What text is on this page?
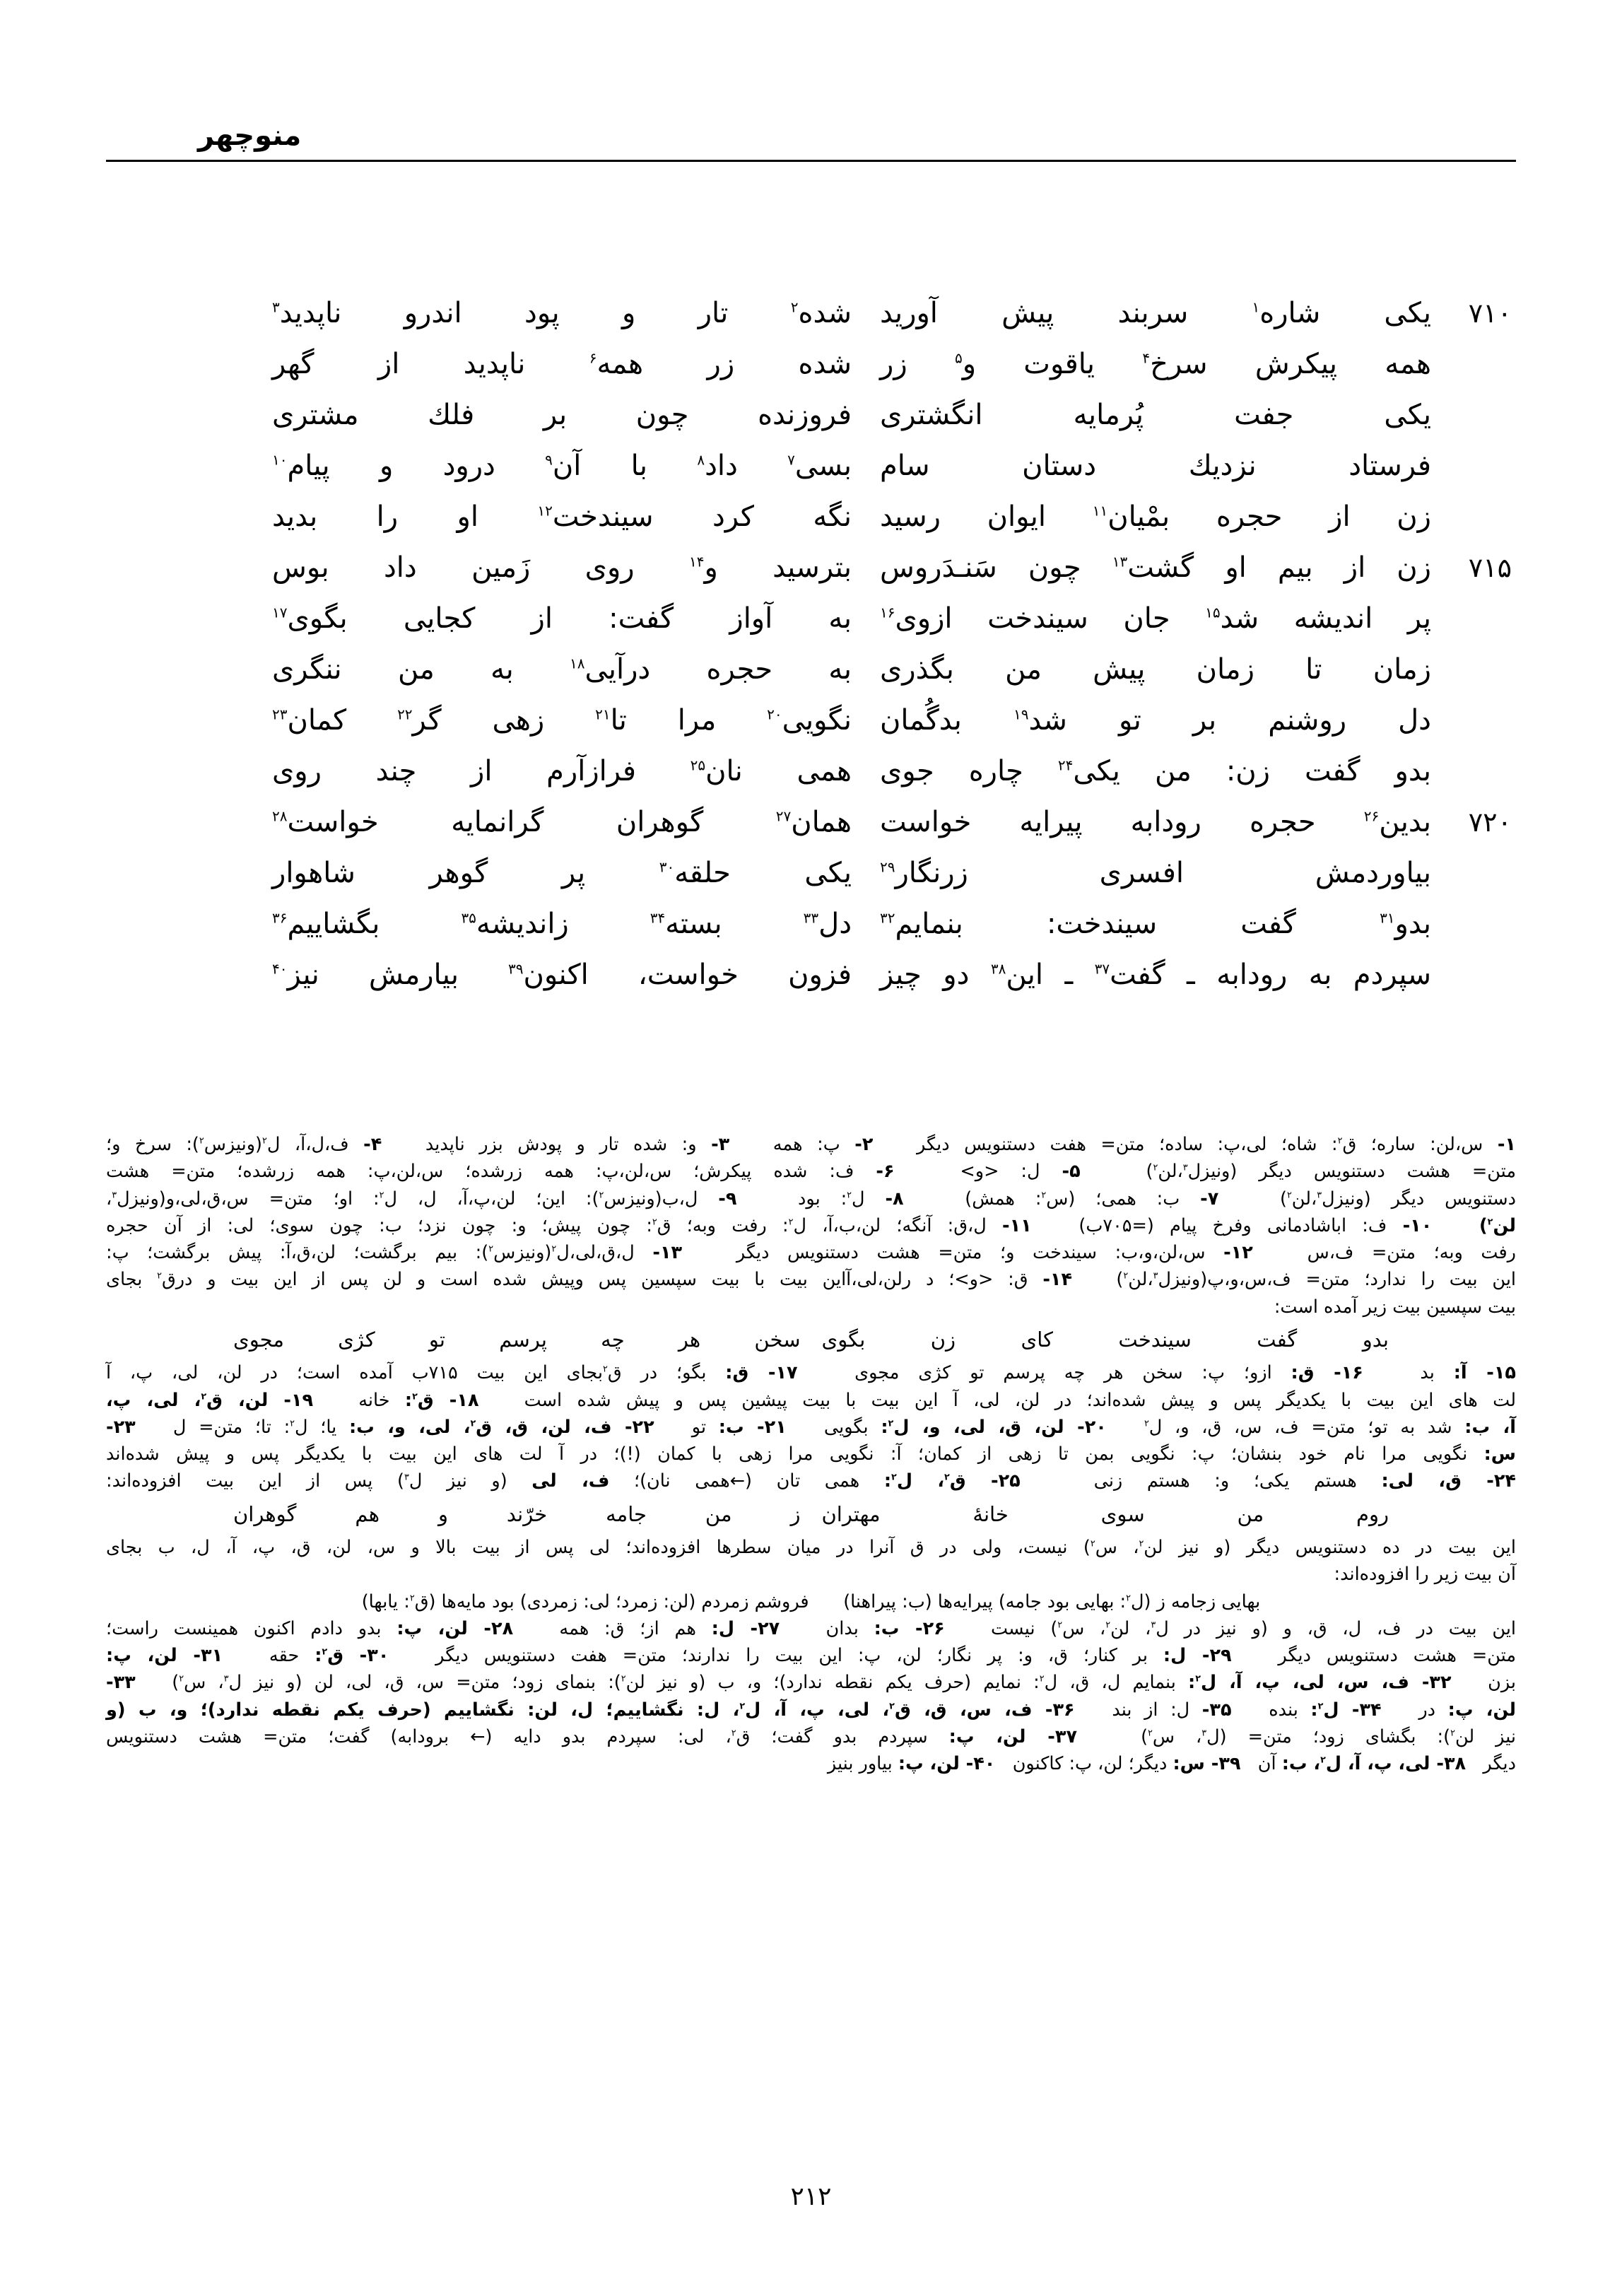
منوچهر
۷۱۰
یکی شاره$^۱$ سربند پیش آورید
شده$^۲$ تار و پود اندرو ناپدید$^۳$
همه پیکرش سرخ$^۴$ یاقوت و$^۵$ زر
شده زر همه$^۶$ ناپدید از گهر
یکی جفت پُرمایه انگشتری
فروزنده چون بر فلك مشتری
فرستاد نزدیك دستان سام
بسی$^۷$ داد$^۸$ با آن$^۹$ درود و پیام$^{۱۰}$
زن از حجره بمْیان$^{۱۱}$ ایوان رسید
نگه کرد سیندخت$^{۱۲}$ او را بدید
۷۱۵
زن از بیم او گشت$^{۱۳}$ چون سَنـدَروس
بترسید و$^{۱۴}$ روی زَمین داد بوس
پر اندیشه شد$^{۱۵}$ جان سیندخت ازوی$^{۱۶}$
به آواز گفت: از کجایی بگوی$^{۱۷}$
زمان تا زمان پیش من بگذری
به حجره درآیی$^{۱۸}$ به من ننگری
دل روشنم بر تو شد$^{۱۹}$ بدگُمان
نگویی$^{۲۰}$ مرا تا$^{۲۱}$ زهی گر$^{۲۲}$ کمان$^{۲۳}$
بدو گفت زن: من یکی$^{۲۴}$ چاره جوی
همی نان$^{۲۵}$ فرازآرم از چند روی
۷۲۰
بدین$^{۲۶}$ حجره رودابه پیرایه خواست
همان$^{۲۷}$ گوهران گرانمایه خواست$^{۲۸}$
بیاوردمش افسری زرنگار$^{۲۹}$
یکی حلقه$^{۳۰}$ پر گوهر شاهوار
بدو$^{۳۱}$ گفت سیندخت: بنمایم$^{۳۲}$
دل$^{۳۳}$ بسته$^{۳۴}$ زاندیشه$^{۳۵}$ بگشاییم$^{۳۶}$
سپردم به رودابه ـ گفت$^{۳۷}$ ـ این$^{۳۸}$ دو چیز
فزون خواست، اکنون$^{۳۹}$ بیارمش نیز$^{۴۰}$
۱- س،لن: ساره؛ ق$^۲$: شاه؛ لی،پ: ساده؛ متن= هفت دستنویس دیگر   ۲- پ: همه   ۳- و: شده تار و پودش بزر ناپدید   ۴- ف،ل،آ، ل$^۲$(ونیزس$^۲$): سرخ و؛
متن= هشت دستنویس دیگر (ونیزل$^۳$،لن$^۲$)   ۵- ل: <و>   ۶- ف: شده پیکرش؛ س،لن،پ: همه زرشده؛ س،لن،پ: همه زرشده؛ متن= هشت
دستنویس دیگر (ونیزل$^۳$،لن$^۲$)   ۷- ب: همی؛ (س$^۲$: همش)   ۸- ل$^۲$: بود   ۹- ل،ب(ونیزس$^۲$): این؛ لن،پ،آ، ل، ل$^۲$: او؛ متن= س،ق،لی،و(ونیزل$^۳$،
لن$^۲$)   ۱۰- ف: اباشادمانی وفرخ پیام (=۷۰۵ب)   ۱۱- ل،ق: آنگه؛ لن،ب،آ، ل$^۲$: رفت وبه؛ ق$^۲$: چون پیش؛ و: چون نزد؛ ب: چون سوی؛ لی: از آن حجره
رفت وبه؛ متن= ف،س   ۱۲- س،لن،و،ب: سیندخت و؛ متن= هشت دستنویس دیگر   ۱۳- ل،ق،لی،ل$^۲$(ونیزس$^۲$): بیم برگشت؛ لن،ق،آ: پیش برگشت؛ پ:
این بیت را ندارد؛ متن= ف،س،و،پ(ونیزل$^۳$،لن$^۲$)   ۱۴- ق: <و>؛ د رلن،لی،آاین بیت با بیت سپسین پس وپیش شده است و لن پس از این بیت و درق$^۲$ بجای
بیت سپسین بیت زیر آمده است:
بدو گفت سیندخت کای زن بگوی
سخن هر چه پرسم تو کژی مجوی
۱۵- آ: بد   ۱۶- ق: ازو؛ پ: سخن هر چه پرسم تو کژی مجوی   ۱۷- ق: بگو؛ در ق$^۲$بجای این بیت ۷۱۵ب آمده است؛ در لن، لی، پ، آ
لت های این بیت با یکدیگر پس و پیش شده‌اند؛ در لن، لی، آ این بیت با بیت پیشین پس و پیش شده است   ۱۸- ق$^۲$: خانه   ۱۹- لن، ق$^۲$، لی، پ،
آ، ب: شد به تو؛ متن= ف، س، ق، و، ل$^۲$   ۲۰- لن، ق، لی، و، ل$^۲$: بگویی   ۲۱- ب: تو   ۲۲- ف، لن، ق، ق$^۲$، لی، و، ب: یا؛ ل$^۲$: تا؛ متن= ل   ۲۳-
س: نگویی مرا نام خود بنشان؛ پ: نگویی بمن تا زهی از کمان؛ آ: نگویی مرا زهی با کمان (!)؛ در آ لت های این بیت با یکدیگر پس و پیش شده‌اند
۲۴- ق، لی: هستم یکی؛ و: هستم زنی   ۲۵- ق$^۲$، ل$^۲$: همی تان (←همی نان)؛ ف، لی (و نیز ل$^۳$) پس از این بیت افزوده‌اند:
روم من سوی خانهٔ مهتران
ز من جامه خرّند و هم گوهران
این بیت در ده دستنویس دیگر (و نیز لن$^۲$، س$^۲$) نیست، ولی در ق آنرا در میان سطرها افزوده‌اند؛ لی پس از بیت بالا و س، لن، ق، پ، آ، ل، ب بجای
آن بیت زیر را افزوده‌اند:
بهایی زجامه ز (ل$^۲$: بهایی بود جامه) پیرایه‌ها (ب: پیراهنا)      فروشم زمردم (لن: زمرد؛ لی: زمردی) بود مایه‌ها (ق$^۲$: یابها)
این بیت در ف، ل، ق، و (و نیز در ل$^۳$، لن$^۲$، س$^۲$) نیست   ۲۶- ب: بدان   ۲۷- ل: هم از؛ ق: همه   ۲۸- لن، پ: بدو دادم اکنون همینست راست؛
متن= هشت دستنویس دیگر   ۲۹- ل: بر کنار؛ ق، و: پر نگار؛ لن، پ: این بیت را ندارند؛ متن= هفت دستنویس دیگر   ۳۰- ق$^۲$: حقه   ۳۱- لن، پ:
بزن   ۳۲- ف، س، لی، پ، آ، ل$^۲$: بنمایم ل، ق، ل$^۲$: نمایم (حرف یکم نقطه ندارد)؛ و، ب (و نیز لن$^۲$): بنمای زود؛ متن= س، ق، لی، لن (و نیز ل$^۳$، س$^۲$)   ۳۳-
لن، پ: در   ۳۴- ل$^۲$: بنده   ۳۵- ل: از بند   ۳۶- ف، س، ق، ق$^۲$، لی، پ، آ، ل$^۲$، ل: نگشاییم؛ ل، لن: نگشاییم (حرف یکم نقطه ندارد)؛ و، ب (و
نیز لن$^۲$): بگشای زود؛ متن= (ل$^۳$، س$^۲$)   ۳۷- لن، پ: سپردم بدو گفت؛ ق$^۲$، لی: سپردم بدو دایه (← برودابه) گفت؛ متن= هشت دستنویس
دیگر   ۳۸- لی، پ، آ، ل$^۲$، ب: آن   ۳۹- س: دیگر؛ لن، پ: کاکنون   ۴۰- لن، پ: بیاور بنیز
۲۱۲
